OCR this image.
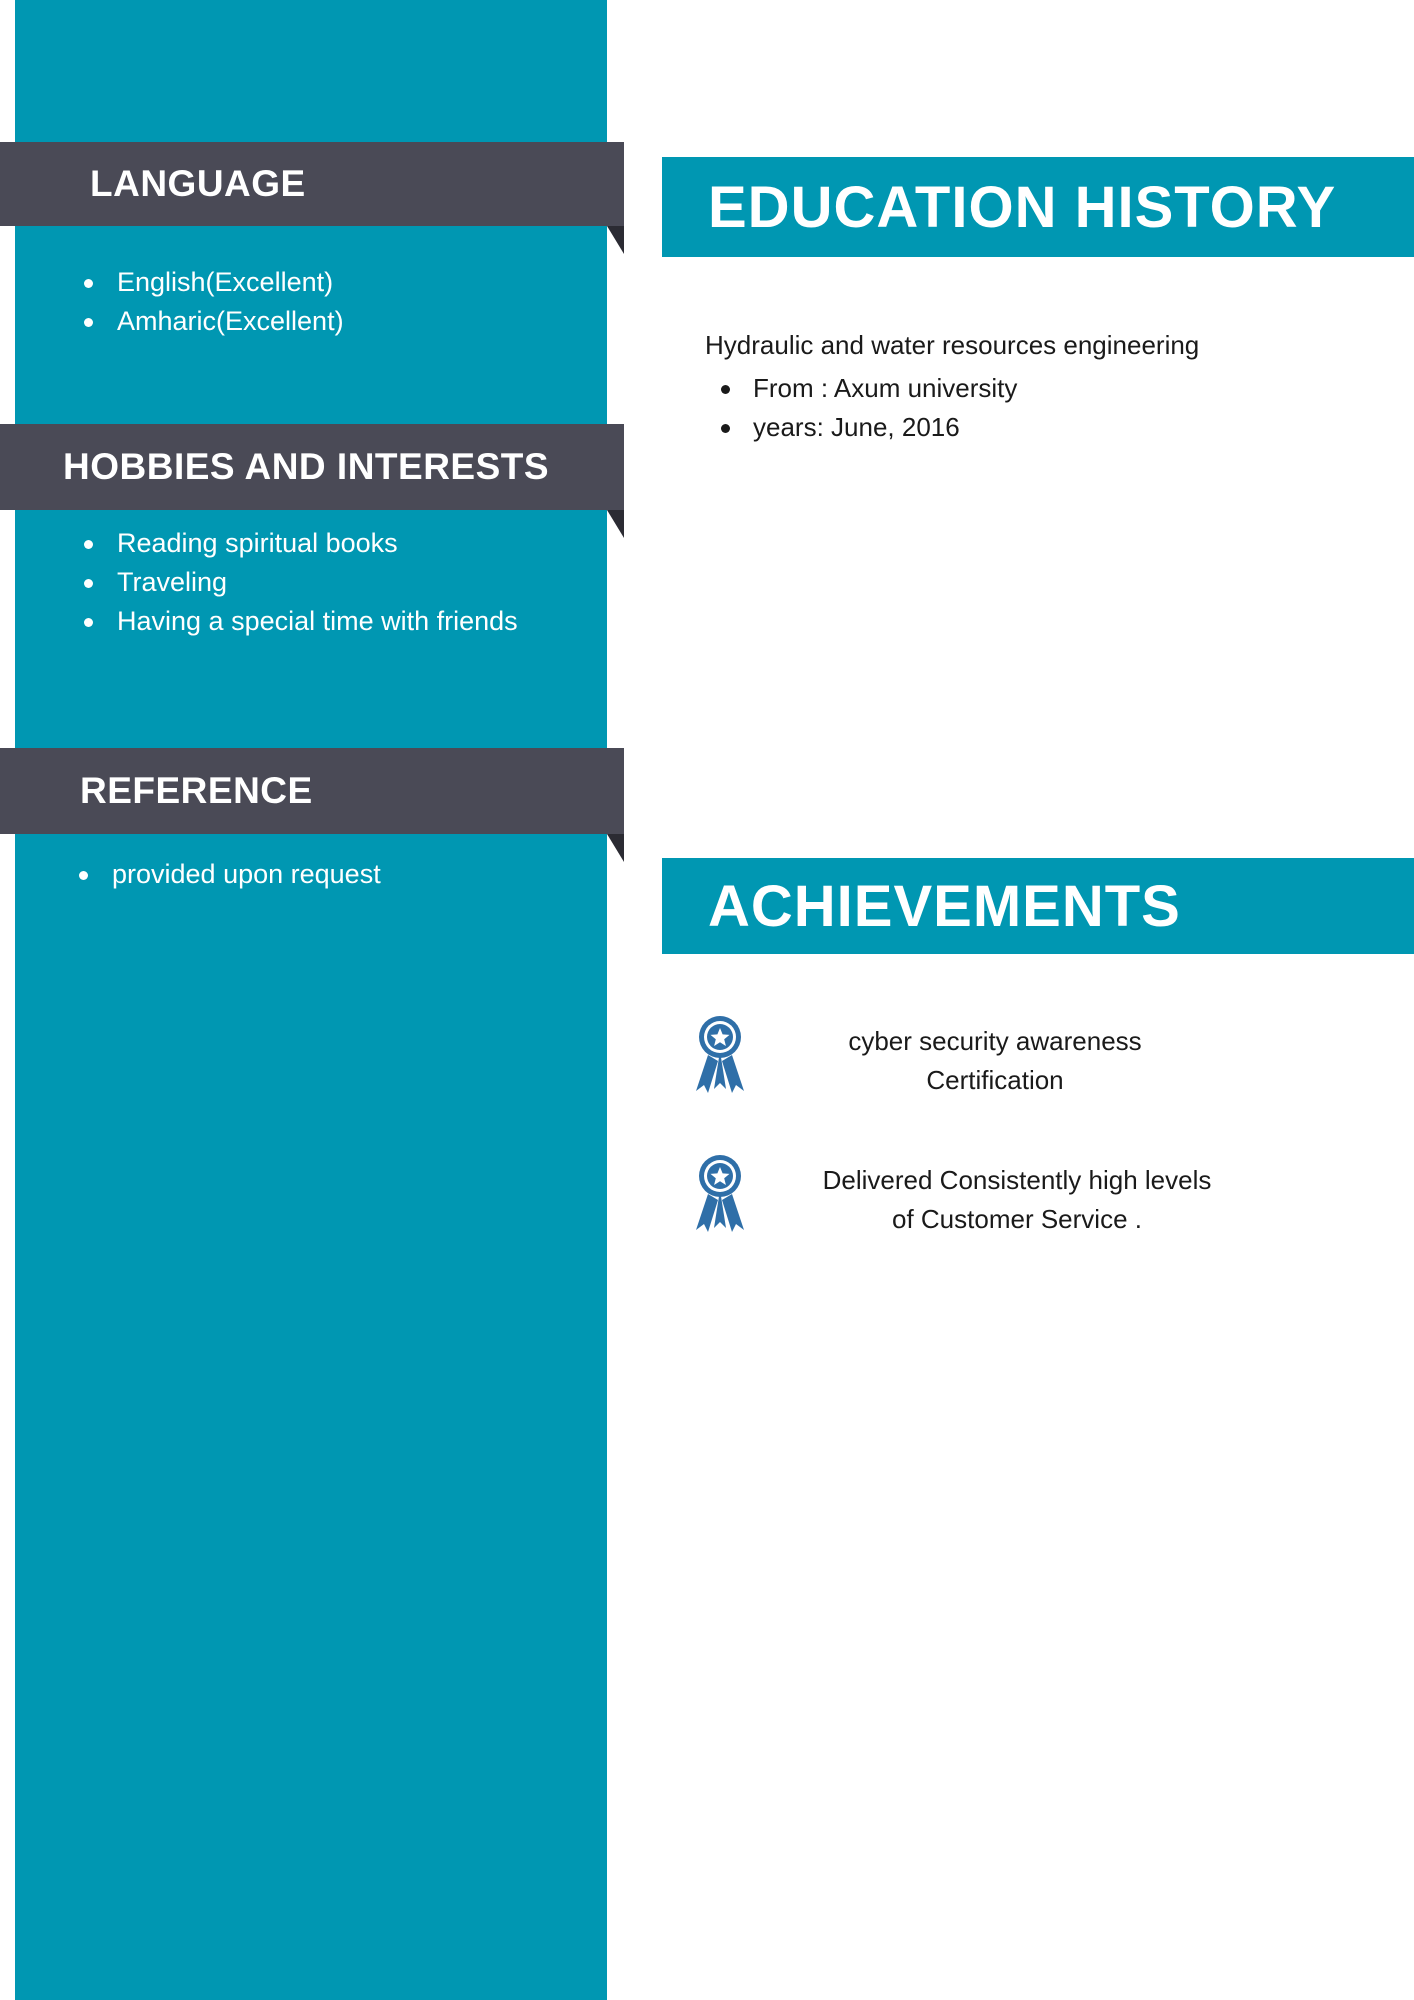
LANGUAGE
English(Excellent)
Amharic(Excellent)
HOBBIES AND INTERESTS
Reading spiritual books
Traveling
Having a special time with friends
REFERENCE
provided upon request
EDUCATION HISTORY
Hydraulic and water resources engineering
From : Axum university
years: June, 2016
ACHIEVEMENTS
cyber security awareness
Certification
Delivered Consistently high levels
of Customer Service .
